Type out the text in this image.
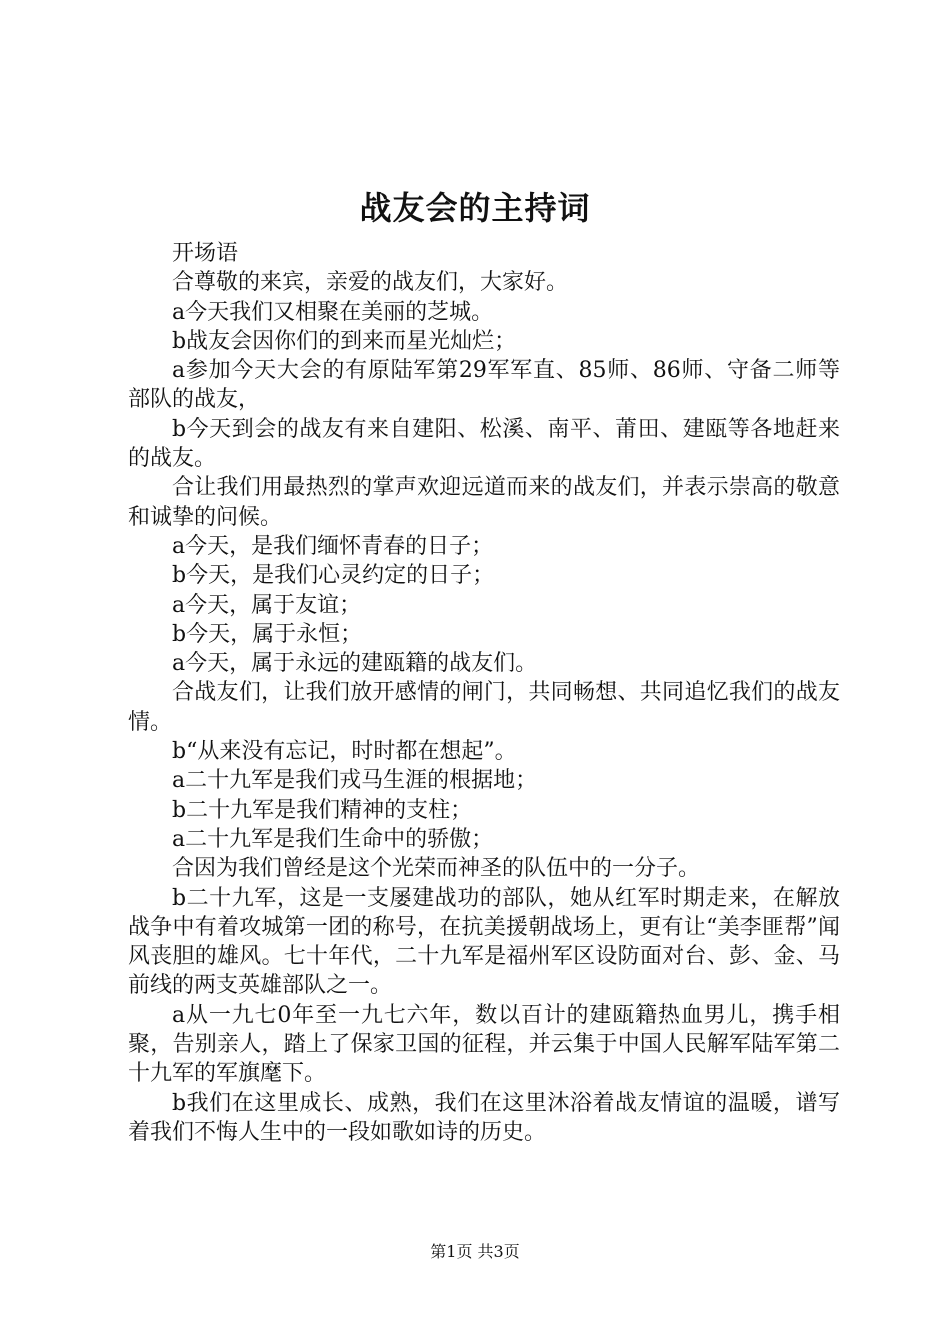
战友会的主持词

开场语

合尊敬的来宾，亲爱的战友们，大家好。

a今天我们又相聚在美丽的芝城。

b战友会因你们的到来而星光灿烂；

a参加今天大会的有原陆军第29军军直、85师、86师、守备二师等部队的战友，

b今天到会的战友有来自建阳、松溪、南平、莆田、建瓯等各地赶来的战友。

合让我们用最热烈的掌声欢迎远道而来的战友们，并表示崇高的敬意和诚挚的问候。

a今天，是我们缅怀青春的日子；

b今天，是我们心灵约定的日子；

a今天，属于友谊；

b今天，属于永恒；

a今天，属于永远的建瓯籍的战友们。

合战友们，让我们放开感情的闸门，共同畅想、共同追忆我们的战友情。

b“从来没有忘记，时时都在想起”。

a二十九军是我们戎马生涯的根据地；

b二十九军是我们精神的支柱；

a二十九军是我们生命中的骄傲；

合因为我们曾经是这个光荣而神圣的队伍中的一分子。

b二十九军，这是一支屡建战功的部队，她从红军时期走来，在解放战争中有着攻城第一团的称号，在抗美援朝战场上，更有让“美李匪帮”闻风丧胆的雄风。七十年代，二十九军是福州军区设防面对台、彭、金、马前线的两支英雄部队之一。

a从一九七0年至一九七六年，数以百计的建瓯籍热血男儿，携手相聚，告别亲人，踏上了保家卫国的征程，并云集于中国人民解军陆军第二十九军的军旗麾下。

b我们在这里成长、成熟，我们在这里沐浴着战友情谊的温暖，谱写着我们不悔人生中的一段如歌如诗的历史。

第1页 共3页
